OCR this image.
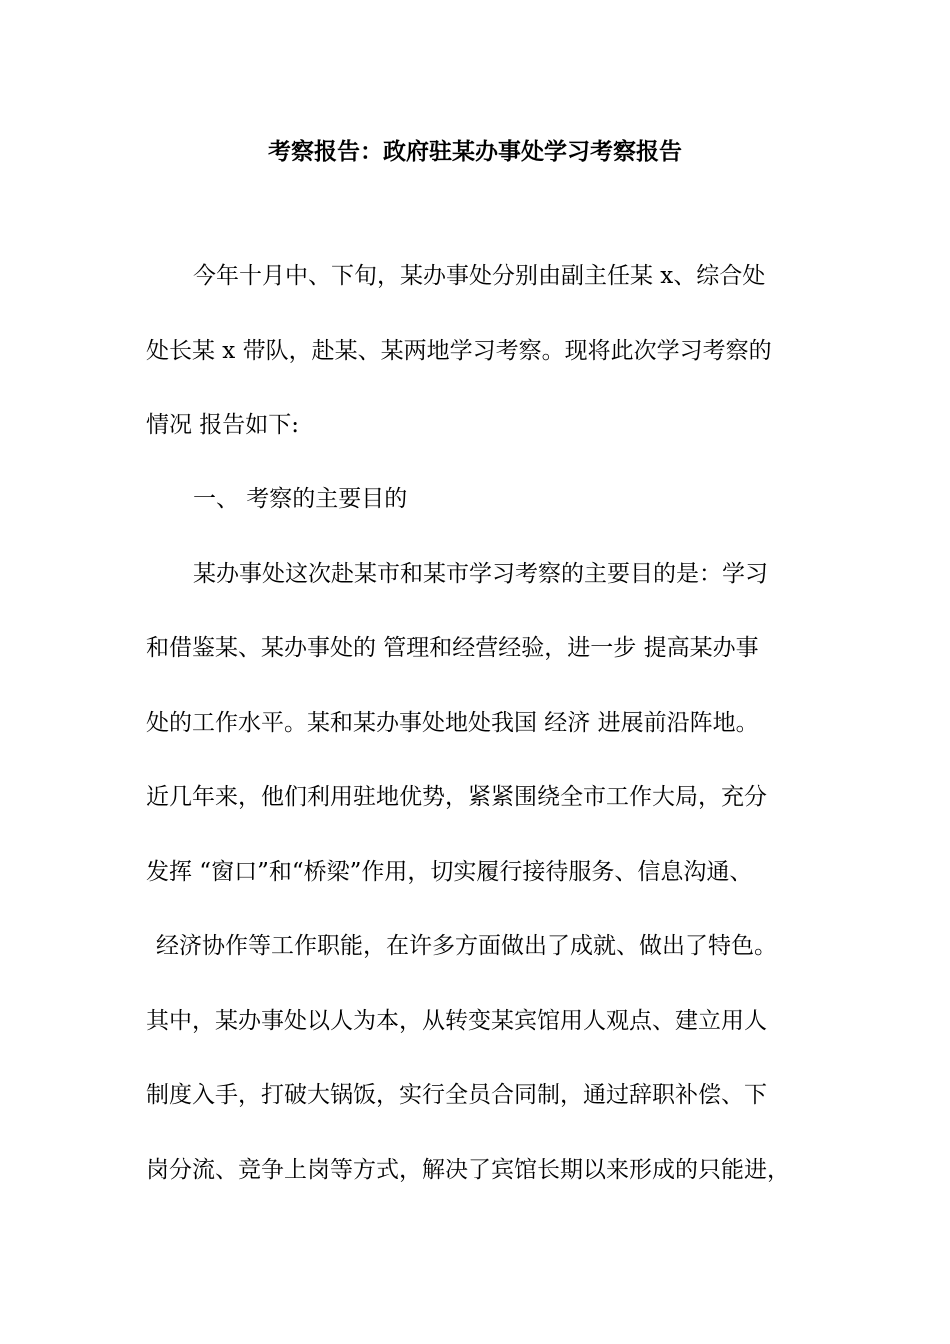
考察报告：政府驻某办事处学习考察报告
今年十月中、下旬，某办事处分别由副主任某 x、综合处
处长某 x 带队，赴某、某两地学习考察。现将此次学习考察的
情况 报告如下:
一、 考察的主要目的
某办事处这次赴某市和某市学习考察的主要目的是：学习
和借鉴某、某办事处的 管理和经营经验，进一步 提高某办事
处的工作水平。某和某办事处地处我国 经济 进展前沿阵地。
近几年来，他们利用驻地优势，紧紧围绕全市工作大局，充分
发挥 “窗口”和“桥梁”作用，切实履行接待服务、信息沟通、
经济协作等工作职能，在许多方面做出了成就、做出了特色。
其中，某办事处以人为本，从转变某宾馆用人观点、建立用人
制度入手，打破大锅饭，实行全员合同制，通过辞职补偿、下
岗分流、竞争上岗等方式，解决了宾馆长期以来形成的只能进，
